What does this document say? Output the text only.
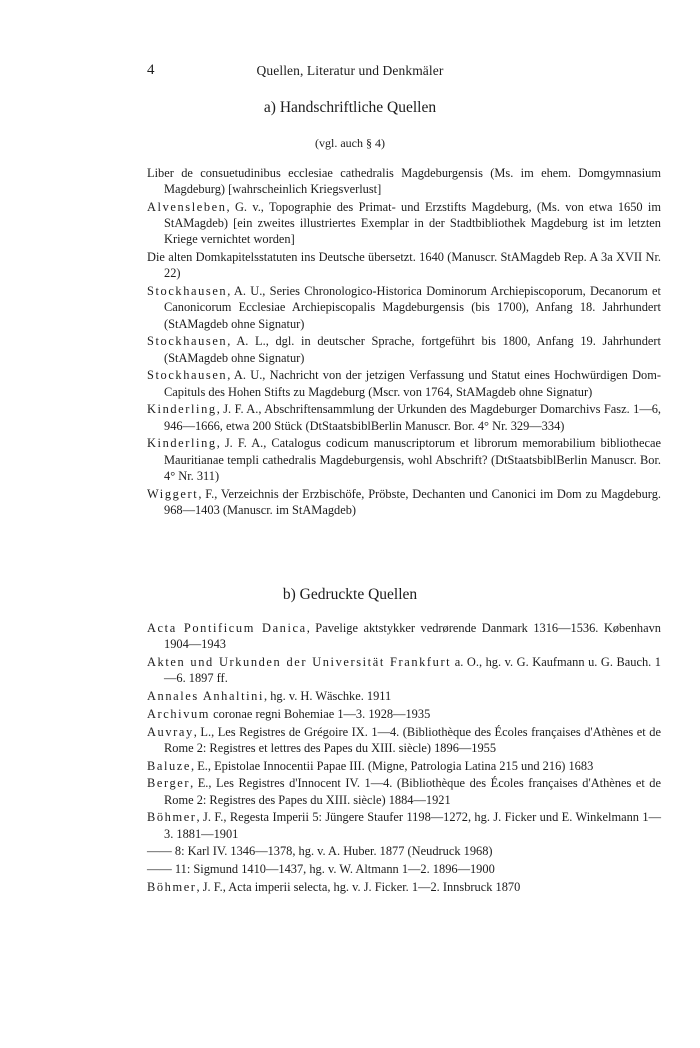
4	Quellen, Literatur und Denkmäler
a) Handschriftliche Quellen
(vgl. auch § 4)
Liber de consuetudinibus ecclesiae cathedralis Magdeburgensis (Ms. im ehem. Domgymnasium Magdeburg) [wahrscheinlich Kriegsverlust]
Alvensleben, G. v., Topographie des Primat- und Erzstifts Magdeburg, (Ms. von etwa 1650 im StAMagdeb) [ein zweites illustriertes Exemplar in der Stadtbibliothek Magdeburg ist im letzten Kriege vernichtet worden]
Die alten Domkapitelsstatuten ins Deutsche übersetzt. 1640 (Manuscr. StAMagdeb Rep. A 3a XVII Nr. 22)
Stockhausen, A. U., Series Chronologico-Historica Dominorum Archiepiscoporum, Decanorum et Canonicorum Ecclesiae Archiepiscopalis Magdeburgensis (bis 1700), Anfang 18. Jahrhundert (StAMagdeb ohne Signatur)
Stockhausen, A. L., dgl. in deutscher Sprache, fortgeführt bis 1800, Anfang 19. Jahrhundert (StAMagdeb ohne Signatur)
Stockhausen, A. U., Nachricht von der jetzigen Verfassung und Statut eines Hochwürdigen Dom-Capituls des Hohen Stifts zu Magdeburg (Mscr. von 1764, StAMagdeb ohne Signatur)
Kinderling, J. F. A., Abschriftensammlung der Urkunden des Magdeburger Domarchivs Fasz. 1—6, 946—1666, etwa 200 Stück (DtStaatsbiblBerlin Manuscr. Bor. 4° Nr. 329—334)
Kinderling, J. F. A., Catalogus codicum manuscriptorum et librorum memorabilium bibliothecae Mauritianae templi cathedralis Magdeburgensis, wohl Abschrift? (DtStaatsbiblBerlin Manuscr. Bor. 4° Nr. 311)
Wiggert, F., Verzeichnis der Erzbischöfe, Pröbste, Dechanten und Canonici im Dom zu Magdeburg. 968—1403 (Manuscr. im StAMagdeb)
b) Gedruckte Quellen
Acta Pontificum Danica, Pavelige aktstykker vedrørende Danmark 1316—1536. København 1904—1943
Akten und Urkunden der Universität Frankfurt a. O., hg. v. G. Kaufmann u. G. Bauch. 1—6. 1897 ff.
Annales Anhaltini, hg. v. H. Wäschke. 1911
Archivum coronae regni Bohemiae 1—3. 1928—1935
Auvray, L., Les Registres de Grégoire IX. 1—4. (Bibliothèque des Écoles françaises d'Athènes et de Rome 2: Registres et lettres des Papes du XIII. siècle) 1896—1955
Baluze, E., Epistolae Innocentii Papae III. (Migne, Patrologia Latina 215 und 216) 1683
Berger, E., Les Registres d'Innocent IV. 1—4. (Bibliothèque des Écoles françaises d'Athènes et de Rome 2: Registres des Papes du XIII. siècle) 1884—1921
Böhmer, J. F., Regesta Imperii 5: Jüngere Staufer 1198—1272, hg. J. Ficker und E. Winkelmann 1—3. 1881—1901
—— 8: Karl IV. 1346—1378, hg. v. A. Huber. 1877 (Neudruck 1968)
—— 11: Sigmund 1410—1437, hg. v. W. Altmann 1—2. 1896—1900
Böhmer, J. F., Acta imperii selecta, hg. v. J. Ficker. 1—2. Innsbruck 1870
